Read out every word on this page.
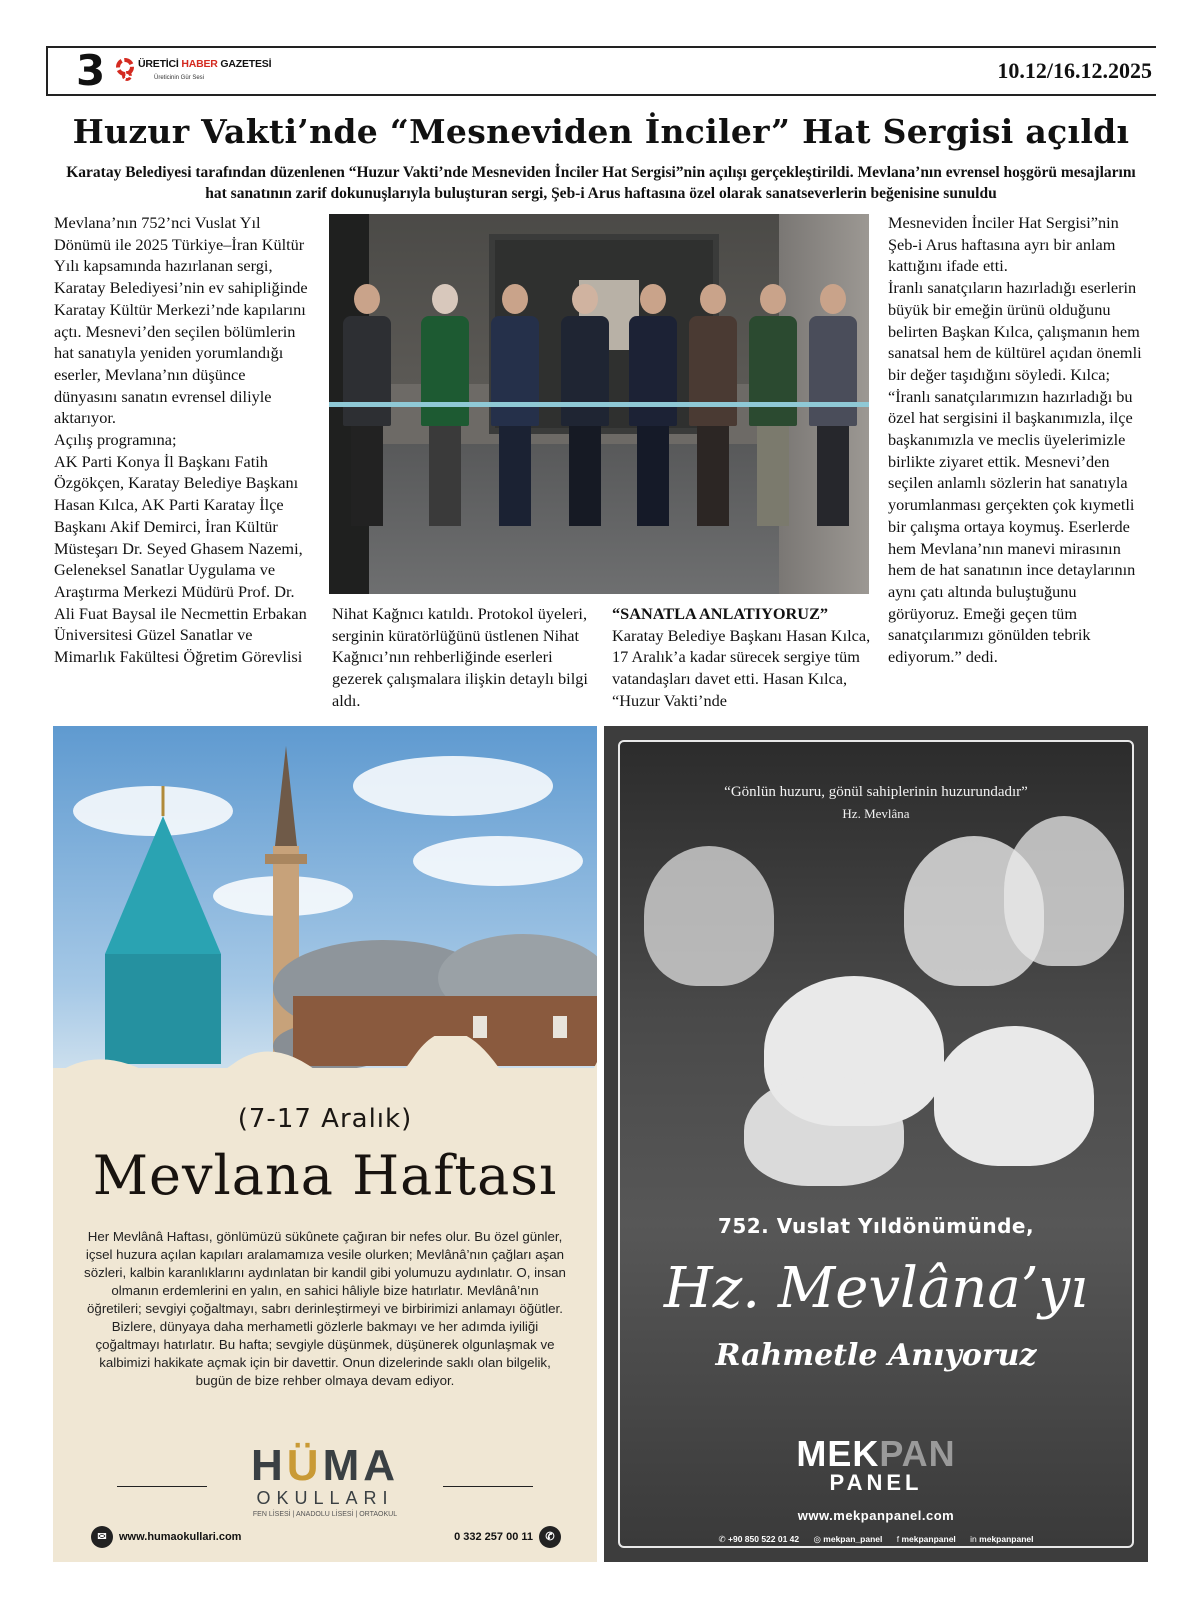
3	ÜRETİCİ HABER GAZETESİ
Üreticinin Gür Sesi	10.12/16.12.2025
Huzur Vakti’nde “Mesneviden İnciler” Hat Sergisi açıldı
Karatay Belediyesi tarafından düzenlenen “Huzur Vakti’nde Mesneviden İnciler Hat Sergisi”nin açılışı gerçekleştirildi. Mevlana’nın evrensel hoşgörü mesajlarını hat sanatının zarif dokunuşlarıyla buluşturan sergi, Şeb-i Arus haftasına özel olarak sanatseverlerin beğenisine sunuldu

Mevlana’nın 752’nci Vuslat Yıl Dönümü ile 2025 Türkiye–İran Kültür Yılı kapsamında hazırlanan sergi, Karatay Belediyesi’nin ev sahipliğinde Karatay Kültür Merkezi’nde kapılarını açtı. Mesnevi’den seçilen bölümlerin hat sanatıyla yeniden yorumlandığı eserler, Mevlana’nın düşünce dünyasını sanatın evrensel diliyle aktarıyor.

Açılış programına;

AK Parti Konya İl Başkanı Fatih Özgökçen, Karatay Belediye Başkanı Hasan Kılca, AK Parti Karatay İlçe Başkanı Akif Demirci, İran Kültür Müsteşarı Dr. Seyed Ghasem Nazemi, Geleneksel Sanatlar Uygulama ve Araştırma Merkezi Müdürü Prof. Dr. Ali Fuat Baysal ile Necmettin Erbakan Üniversitesi Güzel Sanatlar ve Mimarlık Fakültesi Öğretim Görevlisi

Nihat Kağnıcı katıldı. Protokol üyeleri, serginin küratörlüğünü üstlenen Nihat Kağnıcı’nın rehberliğinde eserleri gezerek çalışmalara ilişkin detaylı bilgi aldı.

“SANATLA ANLATIYORUZ”

Karatay Belediye Başkanı Hasan Kılca, 17 Aralık’a kadar sürecek sergiye tüm vatandaşları davet etti. Hasan Kılca, “Huzur Vakti’nde

Mesneviden İnciler Hat Sergisi”nin Şeb-i Arus haftasına ayrı bir anlam kattığını ifade etti.

İranlı sanatçıların hazırladığı eserlerin büyük bir emeğin ürünü olduğunu belirten Başkan Kılca, çalışmanın hem sanatsal hem de kültürel açıdan önemli bir değer taşıdığını söyledi. Kılca; “İranlı sanatçılarımızın hazırladığı bu özel hat sergisini il başkanımızla, ilçe başkanımızla ve meclis üyelerimizle birlikte ziyaret ettik. Mesnevi’den seçilen anlamlı sözlerin hat sanatıyla yorumlanması gerçekten çok kıymetli bir çalışma ortaya koymuş. Eserlerde hem Mevlana’nın manevi mirasının hem de hat sanatının ince detaylarının aynı çatı altında buluştuğunu görüyoruz. Emeği geçen tüm sanatçılarımızı gönülden tebrik ediyorum.” dedi.

(7-17 Aralık)
Mevlana Haftası
Her Mevlânâ Haftası, gönlümüzü sükûnete çağıran bir nefes olur. Bu özel günler, içsel huzura açılan kapıları aralamamıza vesile olurken; Mevlânâ’nın çağları aşan sözleri, kalbin karanlıklarını aydınlatan bir kandil gibi yolumuzu aydınlatır. O, insan olmanın erdemlerini en yalın, en sahici hâliyle bize hatırlatır. Mevlânâ’nın öğretileri; sevgiyi çoğaltmayı, sabrı derinleştirmeyi ve birbirimizi anlamayı öğütler. Bizlere, dünyaya daha merhametli gözlerle bakmayı ve her adımda iyiliği çoğaltmayı hatırlatır. Bu hafta; sevgiyle düşünmek, düşünerek olgunlaşmak ve kalbimizi hakikate açmak için bir davettir. Onun dizelerinde saklı olan bilgelik, bugün de bize rehber olmaya devam ediyor.
HÜMA
OKULLARI
FEN LİSESİ | ANADOLU LİSESİ | ORTAOKUL
✉	www.humaokullari.com	0 332 257 00 11	✆
“Gönlün huzuru, gönül sahiplerinin huzurundadır”
Hz. Mevlâna
752. Vuslat Yıldönümünde,
Hz. Mevlâna’yı
Rahmetle Anıyoruz
MEKPAN
PANEL
www.mekpanpanel.com
✆ +90 850 522 01 42 ◎ mekpan_panel f mekpanpanel in mekpanpanel
